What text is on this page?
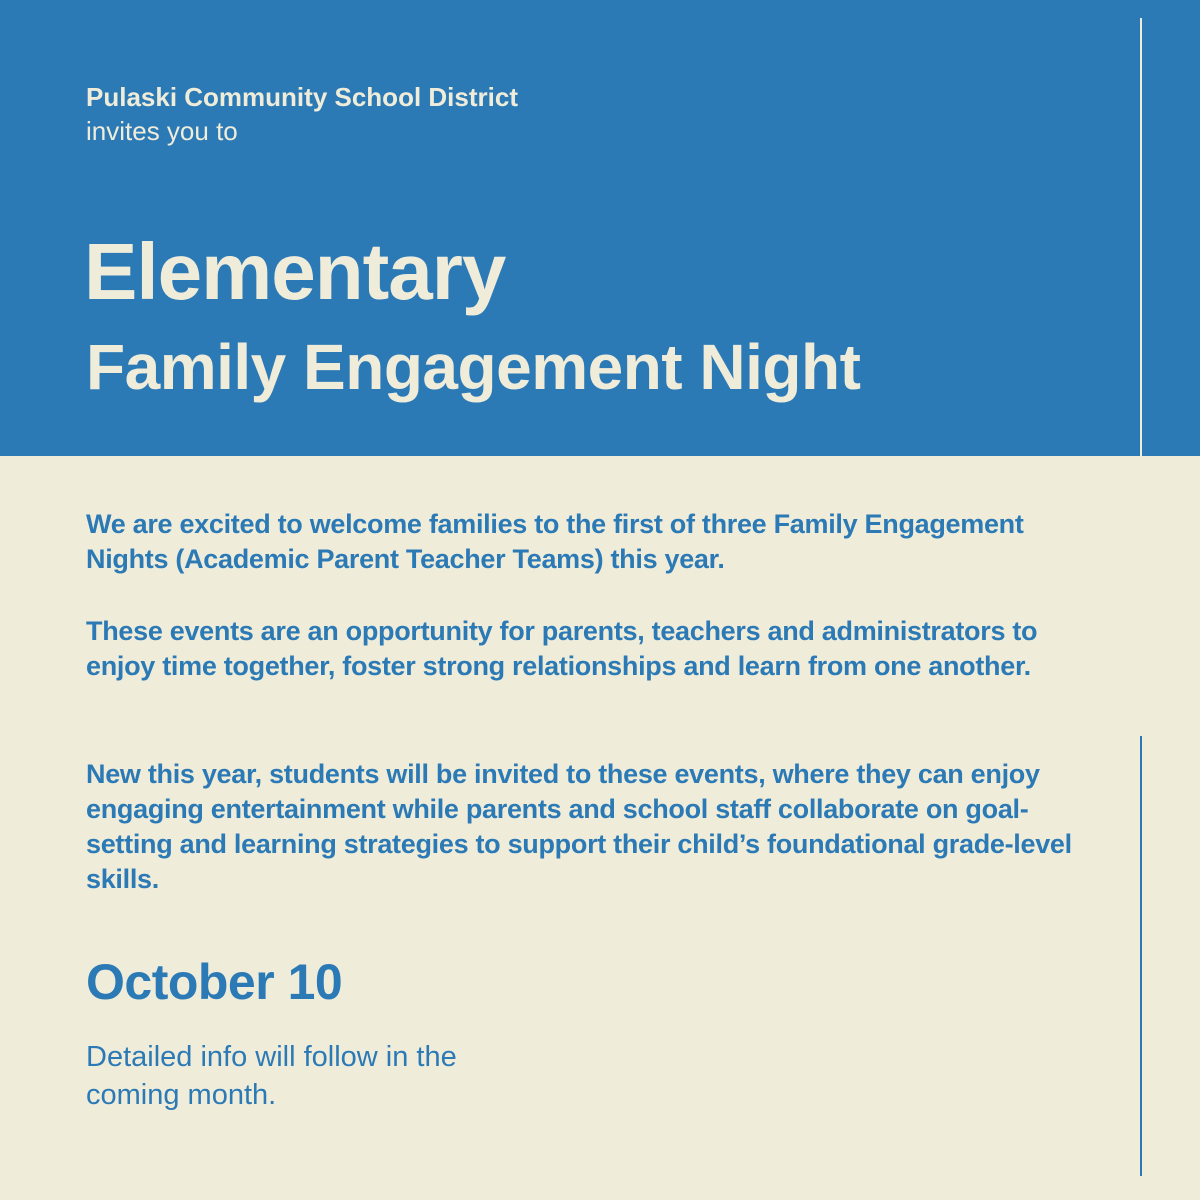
Pulaski Community School District
invites you to
Elementary
Family Engagement Night
We are excited to welcome families to the first of three Family Engagement Nights (Academic Parent Teacher Teams) this year.
These events are an opportunity for parents, teachers and administrators to enjoy time together, foster strong relationships and learn from one another.
New this year, students will be invited to these events, where they can enjoy engaging entertainment while parents and school staff collaborate on goal-setting and learning strategies to support their child’s foundational grade-level skills.
October 10
Detailed info will follow in the coming month.
